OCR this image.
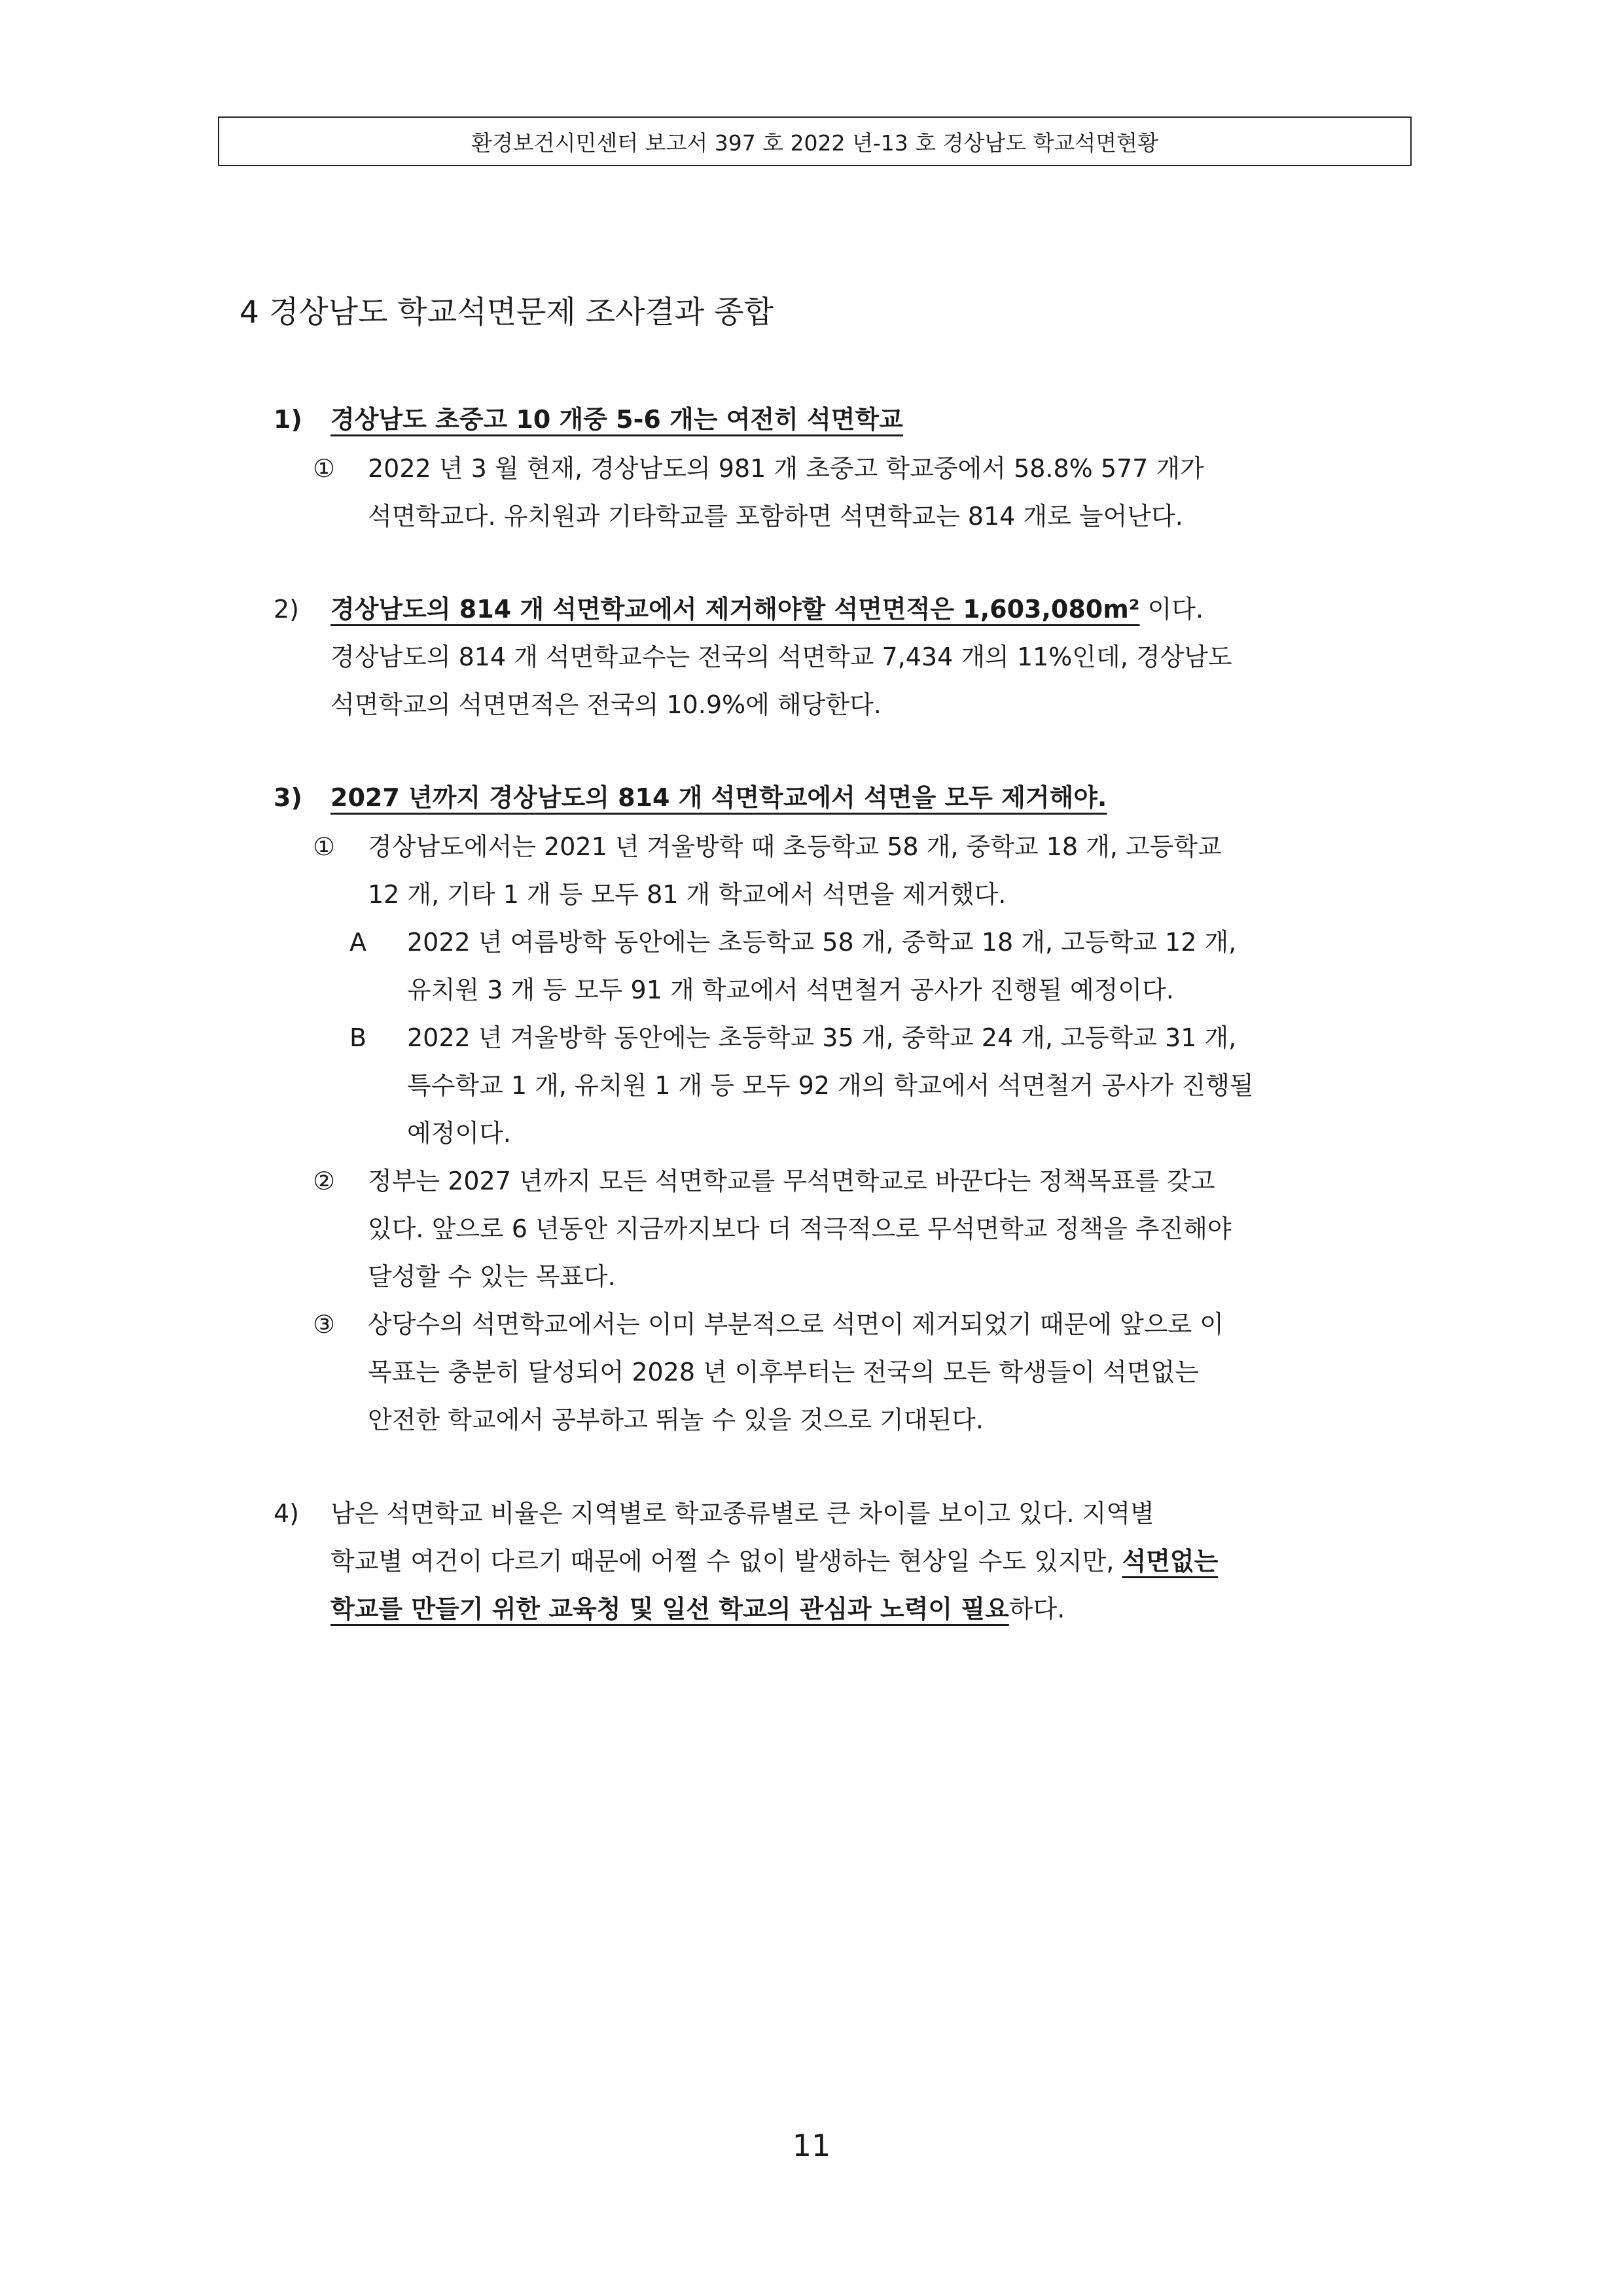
환경보건시민센터 보고서 397 호 2022 년-13 호 경상남도 학교석면현황
4 경상남도 학교석면문제 조사결과 종합
1) 경상남도 초중고 10 개중 5-6 개는 여전히 석면학교
① 2022 년 3 월 현재, 경상남도의 981 개 초중고 학교중에서 58.8% 577 개가
석면학교다. 유치원과 기타학교를 포함하면 석면학교는 814 개로 늘어난다.
2) 경상남도의 814 개 석면학교에서 제거해야할 석면면적은 1,603,080m² 이다.
경상남도의 814 개 석면학교수는 전국의 석면학교 7,434 개의 11%인데, 경상남도
석면학교의 석면면적은 전국의 10.9%에 해당한다.
3) 2027 년까지 경상남도의 814 개 석면학교에서 석면을 모두 제거해야.
① 경상남도에서는 2021 년 겨울방학 때 초등학교 58 개, 중학교 18 개, 고등학교
12 개, 기타 1 개 등 모두 81 개 학교에서 석면을 제거했다.
A 2022 년 여름방학 동안에는 초등학교 58 개, 중학교 18 개, 고등학교 12 개,
유치원 3 개 등 모두 91 개 학교에서 석면철거 공사가 진행될 예정이다.
B 2022 년 겨울방학 동안에는 초등학교 35 개, 중학교 24 개, 고등학교 31 개,
특수학교 1 개, 유치원 1 개 등 모두 92 개의 학교에서 석면철거 공사가 진행될
예정이다.
② 정부는 2027 년까지 모든 석면학교를 무석면학교로 바꾼다는 정책목표를 갖고
있다. 앞으로 6 년동안 지금까지보다 더 적극적으로 무석면학교 정책을 추진해야
달성할 수 있는 목표다.
③ 상당수의 석면학교에서는 이미 부분적으로 석면이 제거되었기 때문에 앞으로 이
목표는 충분히 달성되어 2028 년 이후부터는 전국의 모든 학생들이 석면없는
안전한 학교에서 공부하고 뛰놀 수 있을 것으로 기대된다.
4) 남은 석면학교 비율은 지역별로 학교종류별로 큰 차이를 보이고 있다. 지역별
학교별 여건이 다르기 때문에 어쩔 수 없이 발생하는 현상일 수도 있지만, 석면없는
학교를 만들기 위한 교육청 및 일선 학교의 관심과 노력이 필요하다.
11
